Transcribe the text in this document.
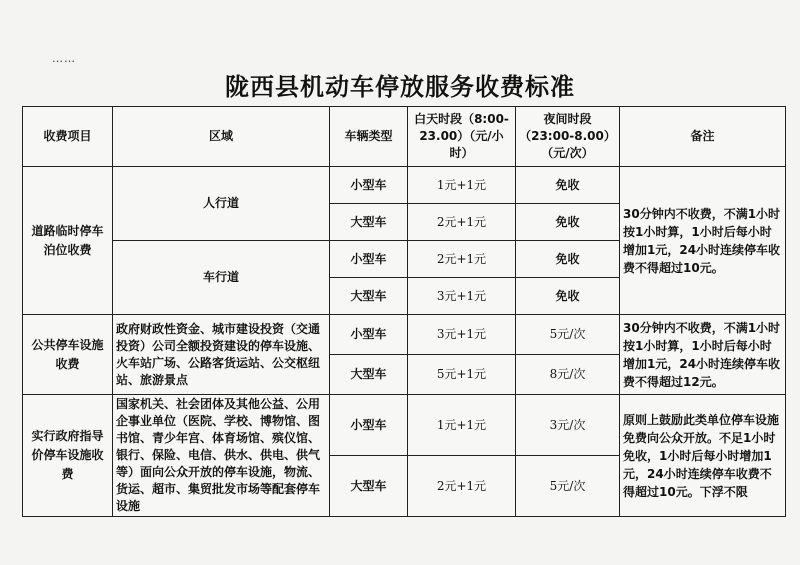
……
陇西县机动车停放服务收费标准
收费项目	区域	车辆类型	白天时段（8:00-23.00）（元/小时）	夜间时段（23:00-8.00）（元/次）	备注
道路临时停车泊位收费	人行道	小型车	1元+1元	免收	30分钟内不收费，不满1小时按1小时算，1小时后每小时增加1元，24小时连续停车收费不得超过10元。
		大型车	2元+1元	免收	
	车行道	小型车	2元+1元	免收	
		大型车	3元+1元	免收	
公共停车设施收费	政府财政性资金、城市建设投资（交通投资）公司全额投资建设的停车设施、火车站广场、公路客货运站、公交枢纽站、旅游景点	小型车	3元+1元	5元/次	30分钟内不收费，不满1小时按1小时算，1小时后每小时增加1元，24小时连续停车收费不得超过12元。
		大型车	5元+1元	8元/次	
实行政府指导价停车设施收费	国家机关、社会团体及其他公益、公用企事业单位（医院、学校、博物馆、图书馆、青少年宫、体育场馆、殡仪馆、银行、保险、电信、供水、供电、供气等）面向公众开放的停车设施，物流、货运、超市、集贸批发市场等配套停车设施	小型车	1元+1元	3元/次	原则上鼓励此类单位停车设施免费向公众开放。不足1小时免收，1小时后每小时增加1元，24小时连续停车收费不得超过10元。下浮不限
		大型车	2元+1元	5元/次	
